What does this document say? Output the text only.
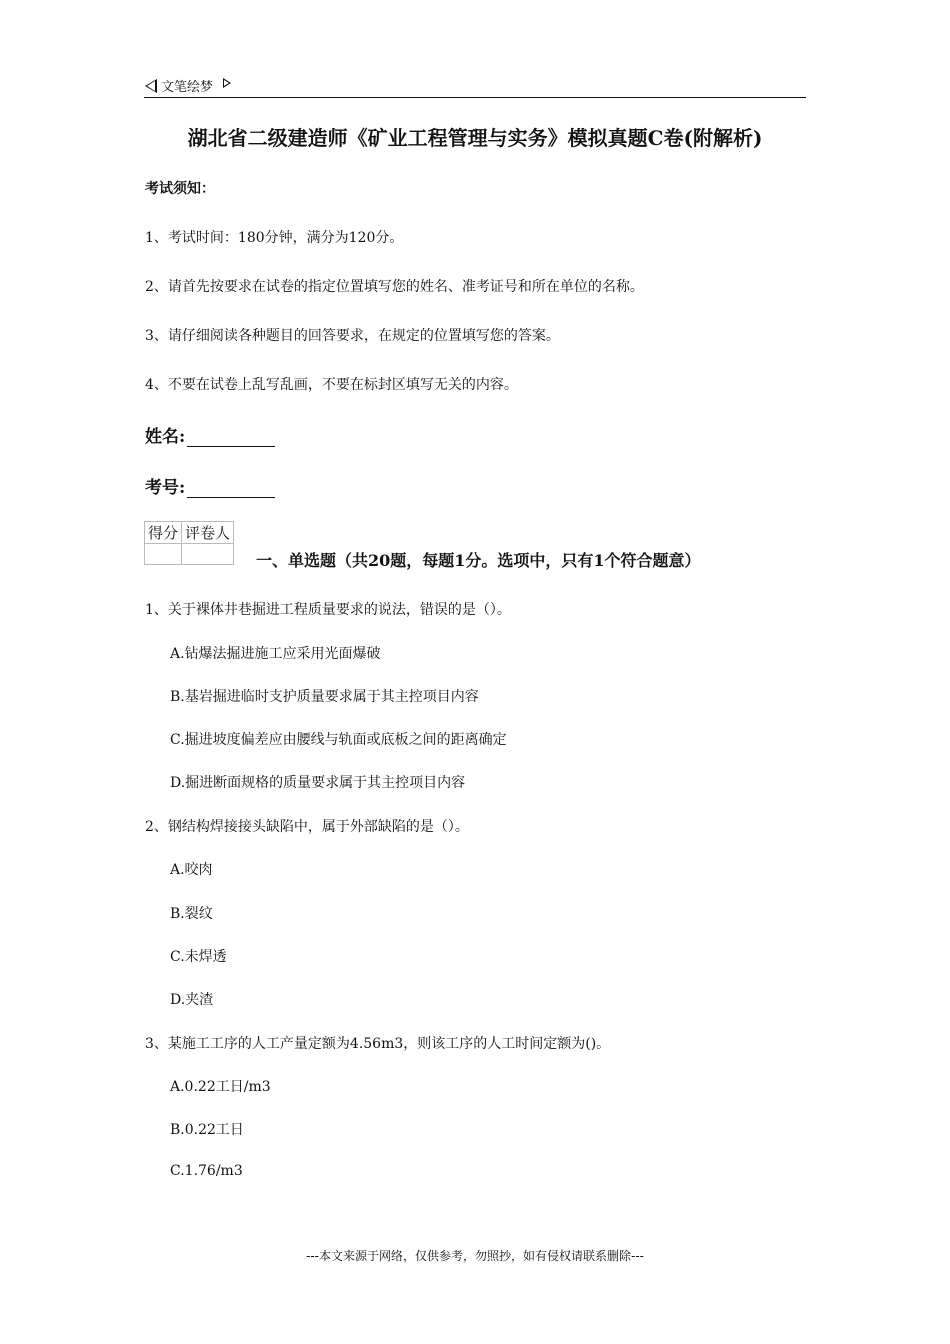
文笔绘梦
湖北省二级建造师《矿业工程管理与实务》模拟真题C卷(附解析)
考试须知：
1、考试时间：180分钟，满分为120分。
2、请首先按要求在试卷的指定位置填写您的姓名、准考证号和所在单位的名称。
3、请仔细阅读各种题目的回答要求，在规定的位置填写您的答案。
4、不要在试卷上乱写乱画，不要在标封区填写无关的内容。
姓名:
考号:
得分	评卷人

一、单选题（共20题，每题1分。选项中，只有1个符合题意）
1、关于裸体井巷掘进工程质量要求的说法，错误的是（）。
A.钻爆法掘进施工应采用光面爆破
B.基岩掘进临时支护质量要求属于其主控项目内容
C.掘进坡度偏差应由腰线与轨面或底板之间的距离确定
D.掘进断面规格的质量要求属于其主控项目内容
2、钢结构焊接接头缺陷中，属于外部缺陷的是（）。
A.咬肉
B.裂纹
C.未焊透
D.夹渣
3、某施工工序的人工产量定额为4.56m3，则该工序的人工时间定额为()。
A.0.22工日/m3
B.0.22工日
C.1.76/m3
---本文来源于网络，仅供参考，勿照抄，如有侵权请联系删除---
